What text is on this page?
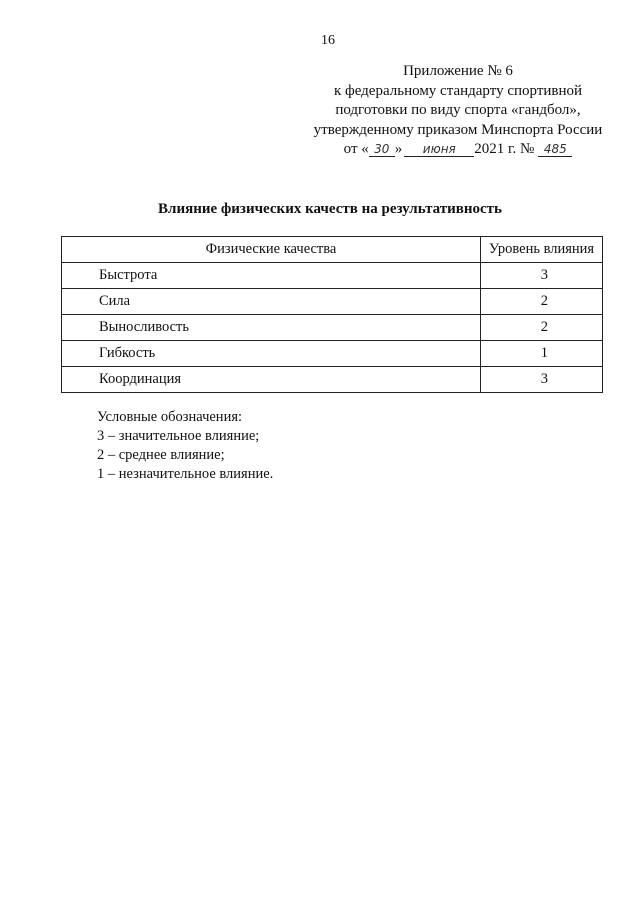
16
Приложение № 6
к федеральному стандарту спортивной
подготовки по виду спорта «гандбол»,
утвержденному приказом Минспорта России
от « 30 » июня 2021 г. № 485
Влияние физических качеств на результативность
Физические качества	Уровень влияния
Быстрота	3
Сила	2
Выносливость	2
Гибкость	1
Координация	3
Условные обозначения:
3 – значительное влияние;
2 – среднее влияние;
1 – незначительное влияние.
